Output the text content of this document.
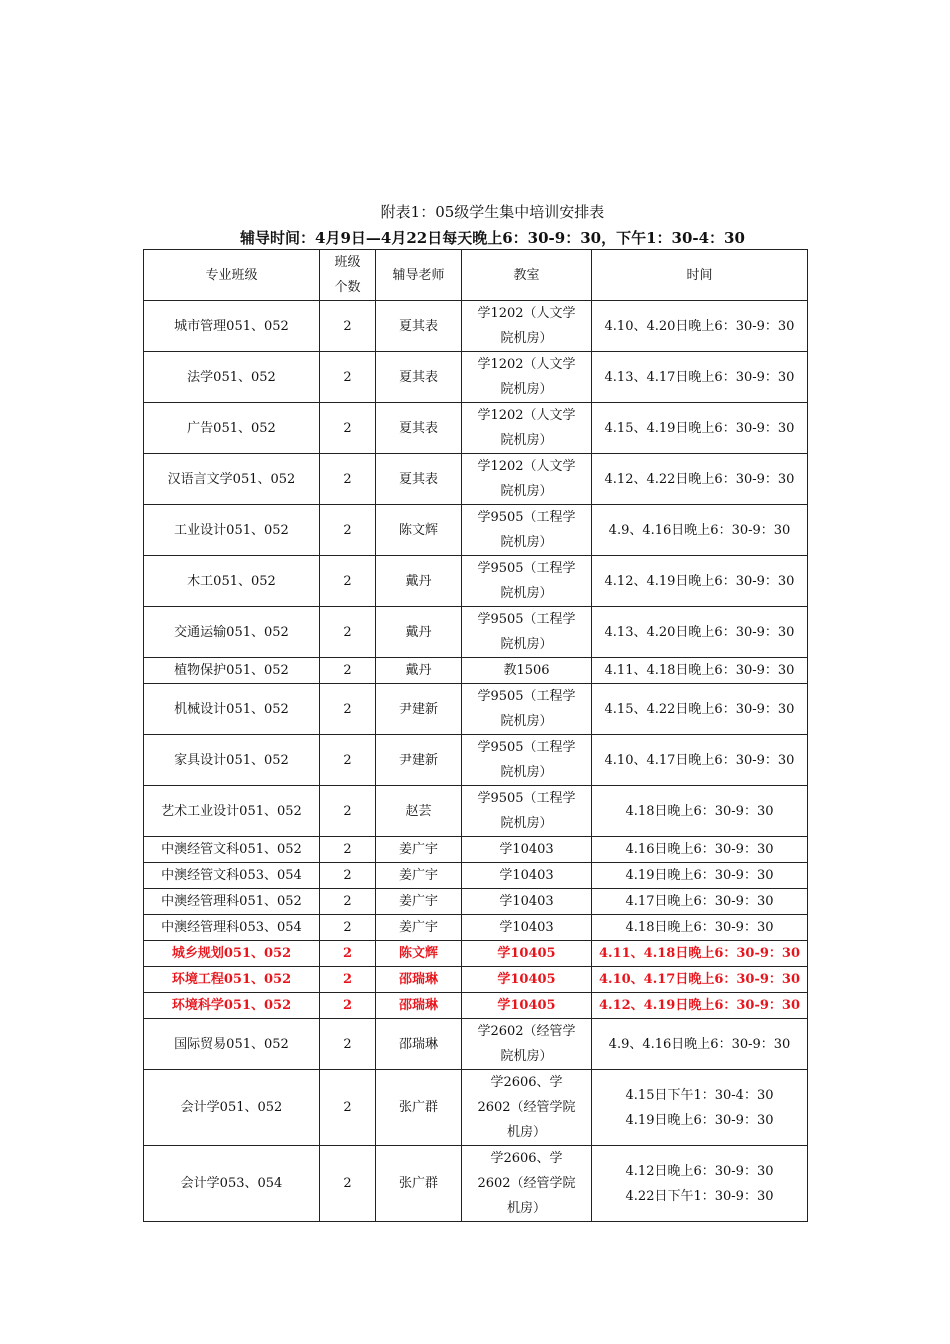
附表1：05级学生集中培训安排表
辅导时间：4月9日—4月22日每天晚上6：30-9：30，下午1：30-4：30
专业班级	班级个数	辅导老师	教室	时间
城市管理051、052	2	夏其表	学1202（人文学院机房）	4.10、4.20日晚上6：30-9：30
法学051、052	2	夏其表	学1202（人文学院机房）	4.13、4.17日晚上6：30-9：30
广告051、052	2	夏其表	学1202（人文学院机房）	4.15、4.19日晚上6：30-9：30
汉语言文学051、052	2	夏其表	学1202（人文学院机房）	4.12、4.22日晚上6：30-9：30
工业设计051、052	2	陈文辉	学9505（工程学院机房）	4.9、4.16日晚上6：30-9：30
木工051、052	2	戴丹	学9505（工程学院机房）	4.12、4.19日晚上6：30-9：30
交通运输051、052	2	戴丹	学9505（工程学院机房）	4.13、4.20日晚上6：30-9：30
植物保护051、052	2	戴丹	教1506	4.11、4.18日晚上6：30-9：30
机械设计051、052	2	尹建新	学9505（工程学院机房）	4.15、4.22日晚上6：30-9：30
家具设计051、052	2	尹建新	学9505（工程学院机房）	4.10、4.17日晚上6：30-9：30
艺术工业设计051、052	2	赵芸	学9505（工程学院机房）	4.18日晚上6：30-9：30
中澳经管文科051、052	2	姜广宇	学10403	4.16日晚上6：30-9：30
中澳经管文科053、054	2	姜广宇	学10403	4.19日晚上6：30-9：30
中澳经管理科051、052	2	姜广宇	学10403	4.17日晚上6：30-9：30
中澳经管理科053、054	2	姜广宇	学10403	4.18日晚上6：30-9：30
城乡规划051、052	2	陈文辉	学10405	4.11、4.18日晚上6：30-9：30
环境工程051、052	2	邵瑞琳	学10405	4.10、4.17日晚上6：30-9：30
环境科学051、052	2	邵瑞琳	学10405	4.12、4.19日晚上6：30-9：30
国际贸易051、052	2	邵瑞琳	学2602（经管学院机房）	4.9、4.16日晚上6：30-9：30
会计学051、052	2	张广群	学2606、学2602（经管学院机房）	4.15日下午1：30-4：30
4.19日晚上6：30-9：30

会计学053、054	2	张广群	学2606、学2602（经管学院机房）	4.12日晚上6：30-9：30
4.22日下午1：30-9：30
